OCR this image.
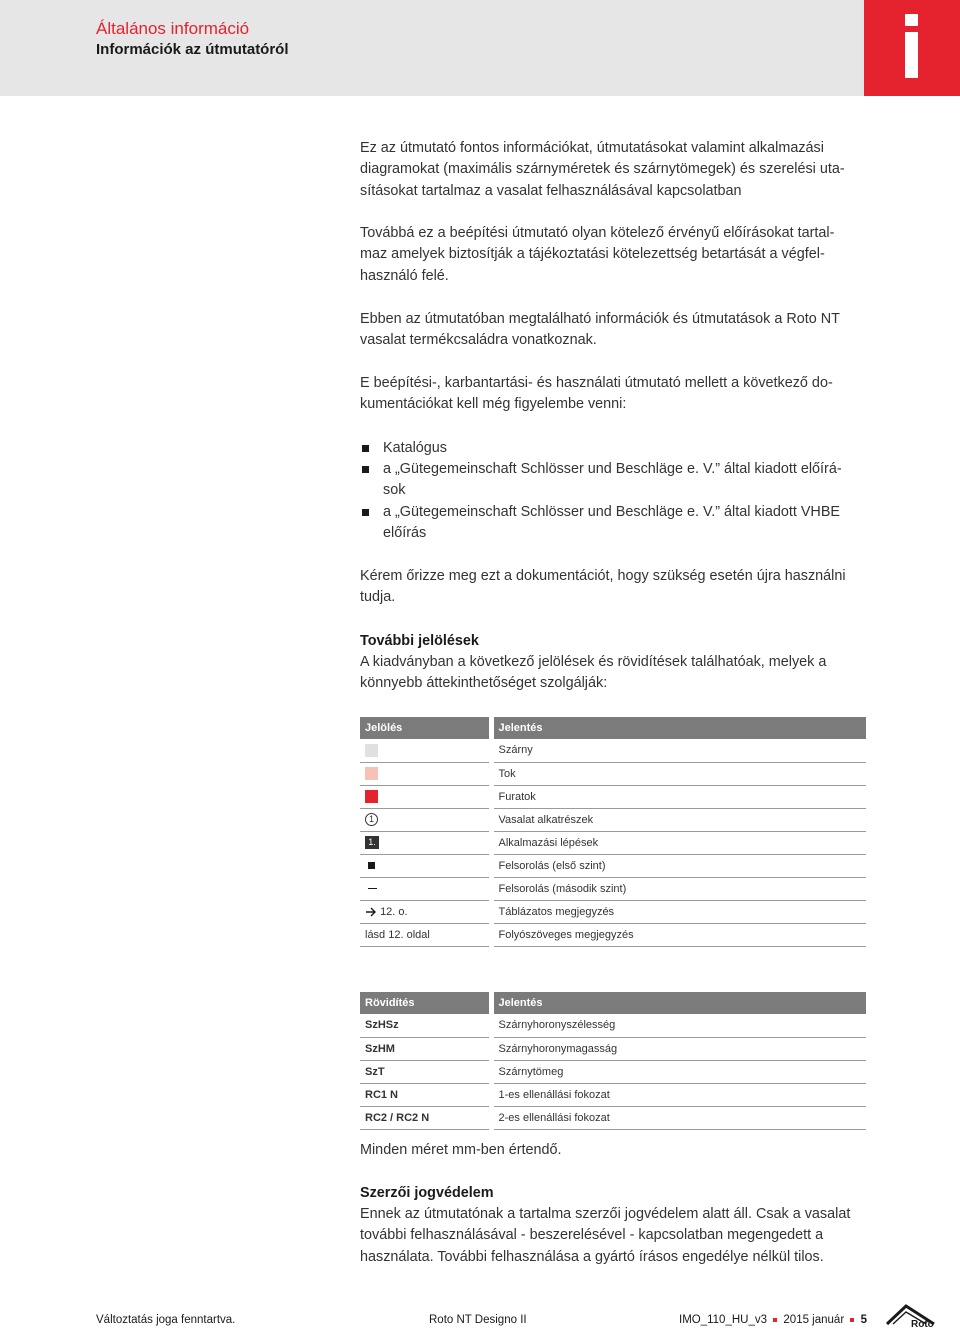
Általános információ
Információk az útmutatóról
Ez az útmutató fontos információkat, útmutatásokat valamint alkalmazási
diagramokat (maximális szárnyméretek és szárnytömegek) és szerelési uta-
sításokat tartalmaz a vasalat felhasználásával kapcsolatban
Továbbá ez a beépítési útmutató olyan kötelező érvényű előírásokat tartal-
maz amelyek biztosítják a tájékoztatási kötelezettség betartását a végfel-
használó felé.
Ebben az útmutatóban megtalálható információk és útmutatások a Roto NT
vasalat termékcsaládra vonatkoznak.
E beépítési-, karbantartási- és használati útmutató mellett a következő do-
kumentációkat kell még figyelembe venni:
Katalógus
a „Gütegemeinschaft Schlösser und Beschläge e. V.” által kiadott előírá-
sok
a „Gütegemeinschaft Schlösser und Beschläge e. V.” által kiadott VHBE
előírás
Kérem őrizze meg ezt a dokumentációt, hogy szükség esetén újra használni
tudja.
További jelölések
A kiadványban a következő jelölések és rövidítések találhatóak, melyek a
könnyebb áttekinthetőséget szolgálják:
Jelölés	Jelentés
	Szárny
	Tok
	Furatok
1	Vasalat alkatrészek
1.	Alkalmazási lépések
	Felsorolás (első szint)
	Felsorolás (második szint)
12. o.	Táblázatos megjegyzés
lásd 12. oldal	Folyószöveges megjegyzés
Rövidítés	Jelentés
SzHSz	Szárnyhoronyszélesség
SzHM	Szárnyhoronymagasság
SzT	Szárnytömeg
RC1 N	1-es ellenállási fokozat
RC2 / RC2 N	2-es ellenállási fokozat
Minden méret mm-ben értendő.
Szerzői jogvédelem
Ennek az útmutatónak a tartalma szerzői jogvédelem alatt áll. Csak a vasalat
további felhasználásával - beszerelésével - kapcsolatban megengedett a
használata. További felhasználása a gyártó írásos engedélye nélkül tilos.
Változtatás joga fenntartva.	Roto NT Designo II	IMO_110_HU_v3 2015 január 5	Roto
